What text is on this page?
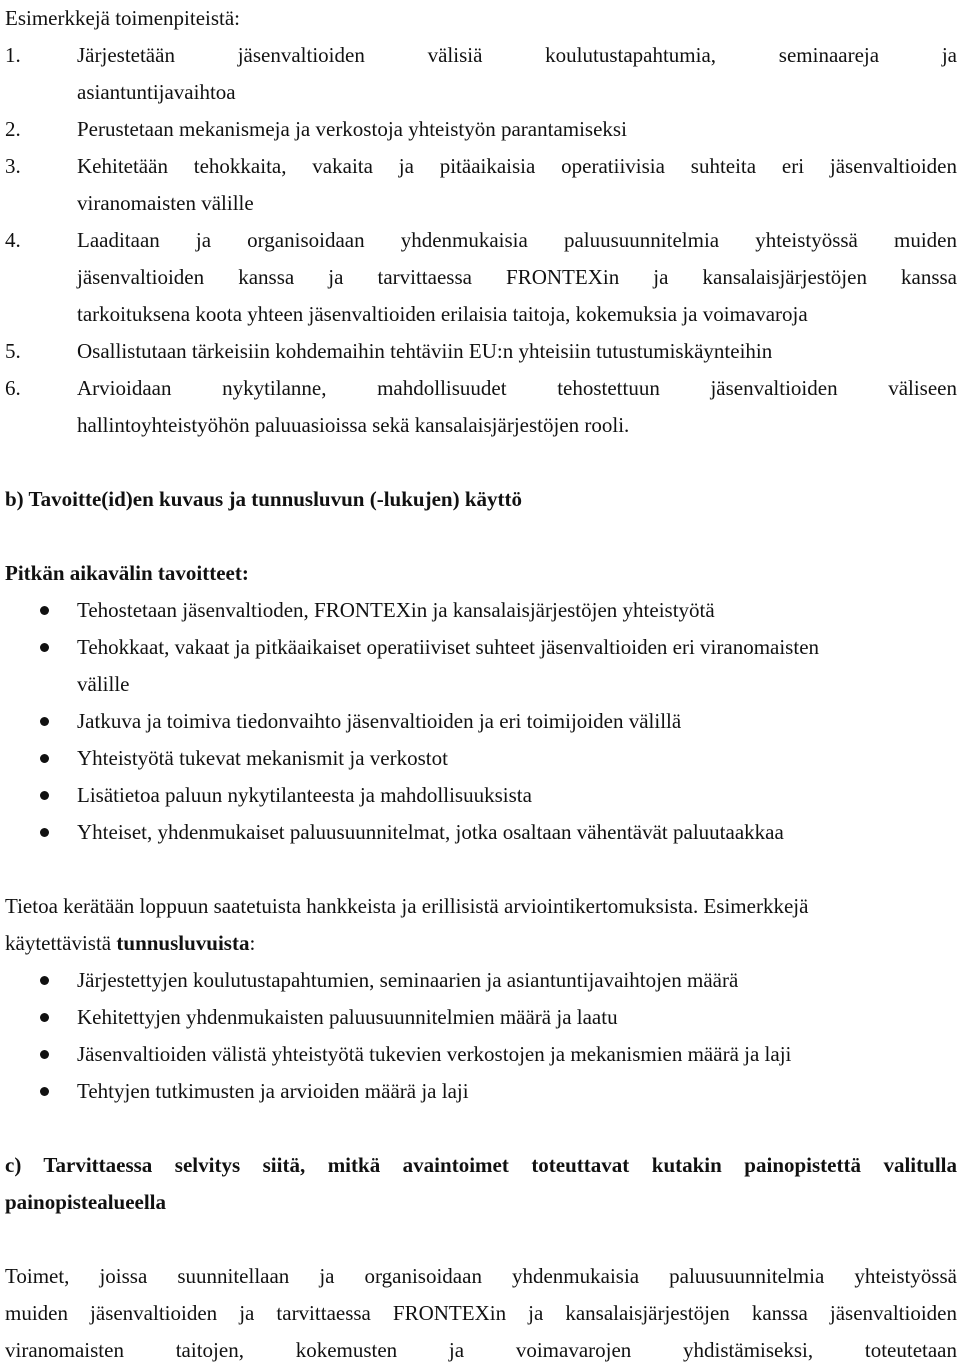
Esimerkkejä toimenpiteistä:
1.	Järjestetään jäsenvaltioiden välisiä koulutustapahtumia, seminaareja ja
asiantuntijavaihtoa
2.	Perustetaan mekanismeja ja verkostoja yhteistyön parantamiseksi
3.	Kehitetään tehokkaita, vakaita ja pitäaikaisia operatiivisia suhteita eri jäsenvaltioiden
viranomaisten välille
4.	Laaditaan ja organisoidaan yhdenmukaisia paluusuunnitelmia yhteistyössä muiden
jäsenvaltioiden kanssa ja tarvittaessa FRONTEXin ja kansalaisjärjestöjen kanssa
tarkoituksena koota yhteen jäsenvaltioiden erilaisia taitoja, kokemuksia ja voimavaroja
5.	Osallistutaan tärkeisiin kohdemaihin tehtäviin EU:n yhteisiin tutustumiskäynteihin
6.	Arvioidaan nykytilanne, mahdollisuudet tehostettuun jäsenvaltioiden väliseen
hallintoyhteistyöhön paluuasioissa sekä kansalaisjärjestöjen rooli.
b) Tavoitte(id)en kuvaus ja tunnusluvun (-lukujen) käyttö
Pitkän aikavälin tavoitteet:
Tehostetaan jäsenvaltioden, FRONTEXin ja kansalaisjärjestöjen yhteistyötä
Tehokkaat, vakaat ja pitkäaikaiset operatiiviset suhteet jäsenvaltioiden eri viranomaisten
välille
Jatkuva ja toimiva tiedonvaihto jäsenvaltioiden ja eri toimijoiden välillä
Yhteistyötä tukevat mekanismit ja verkostot
Lisätietoa paluun nykytilanteesta ja mahdollisuuksista
Yhteiset, yhdenmukaiset paluusuunnitelmat, jotka osaltaan vähentävät paluutaakkaa
Tietoa kerätään loppuun saatetuista hankkeista ja erillisistä arviointikertomuksista. Esimerkkejä
käytettävistä tunnusluvuista:
Järjestettyjen koulutustapahtumien, seminaarien ja asiantuntijavaihtojen määrä
Kehitettyjen yhdenmukaisten paluusuunnitelmien määrä ja laatu
Jäsenvaltioiden välistä yhteistyötä tukevien verkostojen ja mekanismien määrä ja laji
Tehtyjen tutkimusten ja arvioiden määrä ja laji
c) Tarvittaessa selvitys siitä, mitkä avaintoimet toteuttavat kutakin painopistettä valitulla
painopistealueella
Toimet, joissa suunnitellaan ja organisoidaan yhdenmukaisia paluusuunnitelmia yhteistyössä
muiden jäsenvaltioiden ja tarvittaessa FRONTEXin ja kansalaisjärjestöjen kanssa jäsenvaltioiden
viranomaisten taitojen, kokemusten ja voimavarojen yhdistämiseksi, toteutetaan
